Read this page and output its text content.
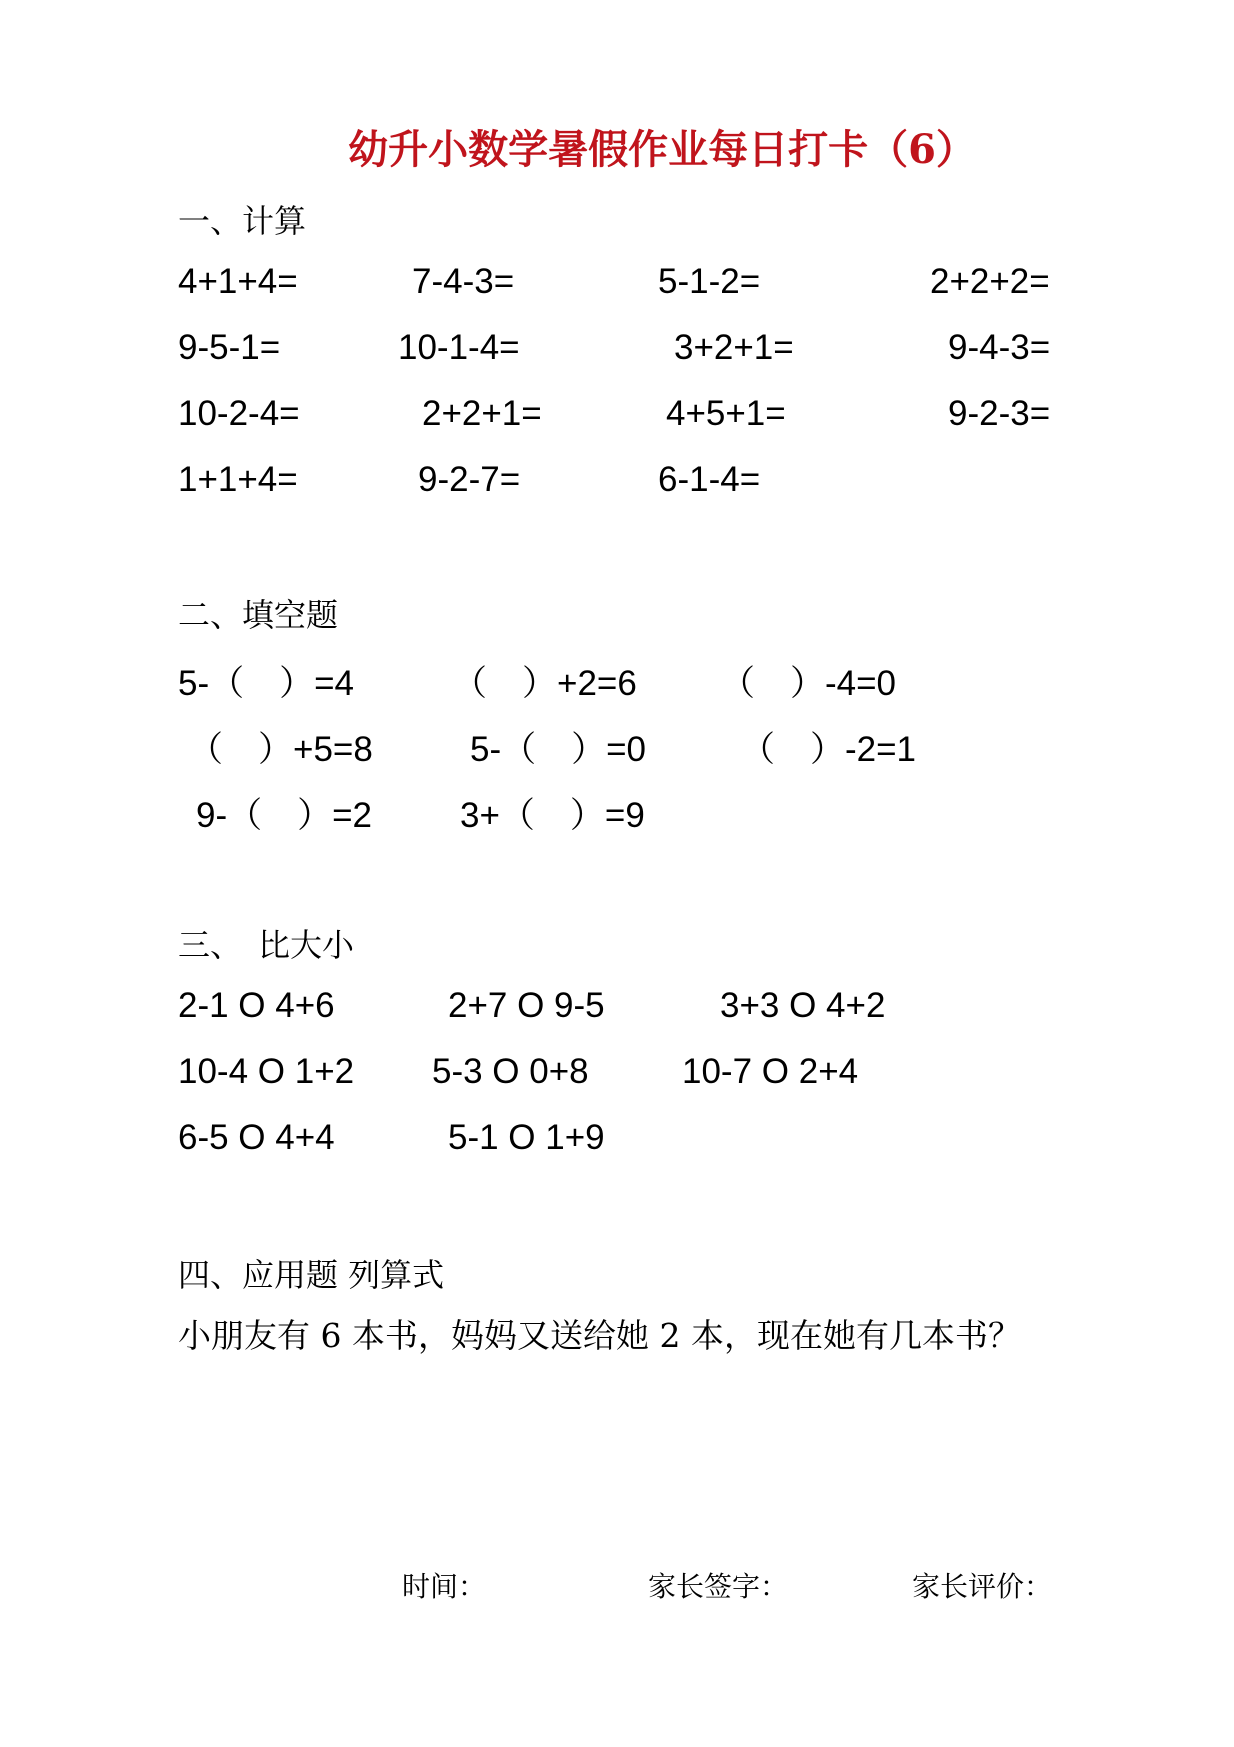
幼升小数学暑假作业每日打卡（6）
一、计算
4+1+4=	7-4-3=	5-1-2=	2+2+2=
9-5-1=	10-1-4=	3+2+1=	9-4-3=
10-2-4=	2+2+1=	4+5+1=	9-2-3=
1+1+4=	9-2-7=	6-1-4=
二、填空题
5-（　）=4	（　）+2=6 （　）-4=0
（　）+5=8	5-（　）=0	（　）-2=1
9-（　）=2	3+（　）=9
三、　比大小
2-1 O 4+6	2+7 O 9-5	3+3 O 4+2
10-4 O 1+2 5-3 O 0+8	10-7 O 2+4
6-5 O 4+4	5-1 O 1+9
四、应用题 列算式
小朋友有 6 本书，妈妈又送给她 2 本，现在她有几本书？
时间：	家长签字：	家长评价：
